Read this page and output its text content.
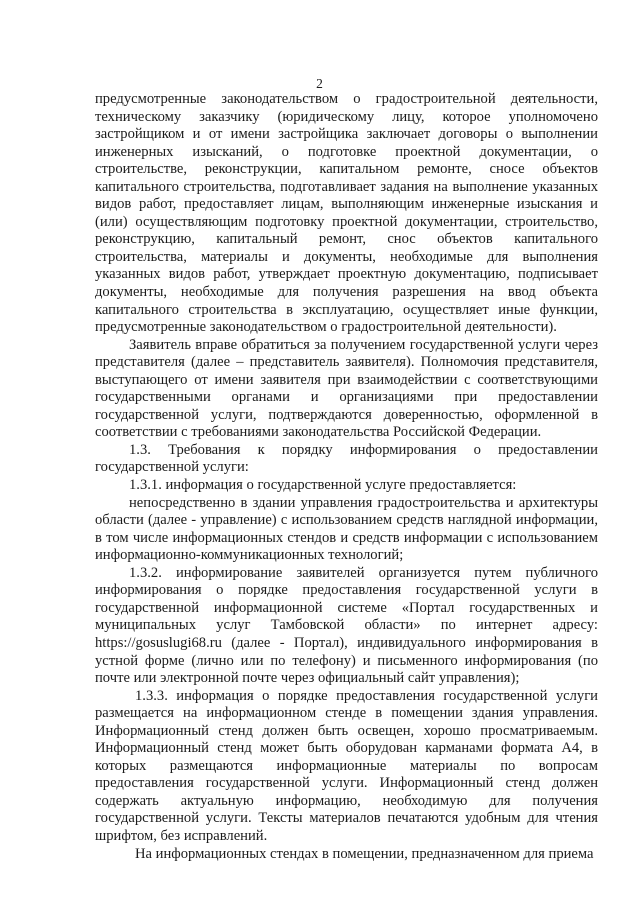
2

предусмотренные законодательством о градостроительной деятельности, техническому заказчику (юридическому лицу, которое уполномочено застройщиком и от имени застройщика заключает договоры о выполнении инженерных изысканий, о подготовке проектной документации, о строительстве, реконструкции, капитальном ремонте, сносе объектов капитального строительства, подготавливает задания на выполнение указанных видов работ, предоставляет лицам, выполняющим инженерные изыскания и (или) осуществляющим подготовку проектной документации, строительство, реконструкцию, капитальный ремонт, снос объектов капитального строительства, материалы и документы, необходимые для выполнения указанных видов работ, утверждает проектную документацию, подписывает документы, необходимые для получения разрешения на ввод объекта капитального строительства в эксплуатацию, осуществляет иные функции, предусмотренные законодательством о градостроительной деятельности).

Заявитель вправе обратиться за получением государственной услуги через представителя (далее – представитель заявителя). Полномочия представителя, выступающего от имени заявителя при взаимодействии с соответствующими государственными органами и организациями при предоставлении государственной услуги, подтверждаются доверенностью, оформленной в соответствии с требованиями законодательства Российской Федерации.

1.3. Требования к порядку информирования о предоставлении государственной услуги:

1.3.1. информация о государственной услуге предоставляется:

непосредственно в здании управления градостроительства и архитектуры области (далее - управление) с использованием средств наглядной информации, в том числе информационных стендов и средств информации с использованием информационно-коммуникационных технологий;

1.3.2. информирование заявителей организуется путем публичного информирования о порядке предоставления государственной услуги в государственной информационной системе «Портал государственных и муниципальных услуг Тамбовской области» по интернет адресу: https://gosuslugi68.ru (далее - Портал), индивидуального информирования в устной форме (лично или по телефону) и письменного информирования (по почте или электронной почте через официальный сайт управления);

1.3.3. информация о порядке предоставления государственной услуги размещается на информационном стенде в помещении здания управления. Информационный стенд должен быть освещен, хорошо просматриваемым. Информационный стенд может быть оборудован карманами формата А4, в которых размещаются информационные материалы по вопросам предоставления государственной услуги. Информационный стенд должен содержать актуальную информацию, необходимую для получения государственной услуги. Тексты материалов печатаются удобным для чтения шрифтом, без исправлений.

На информационных стендах в помещении, предназначенном для приема
